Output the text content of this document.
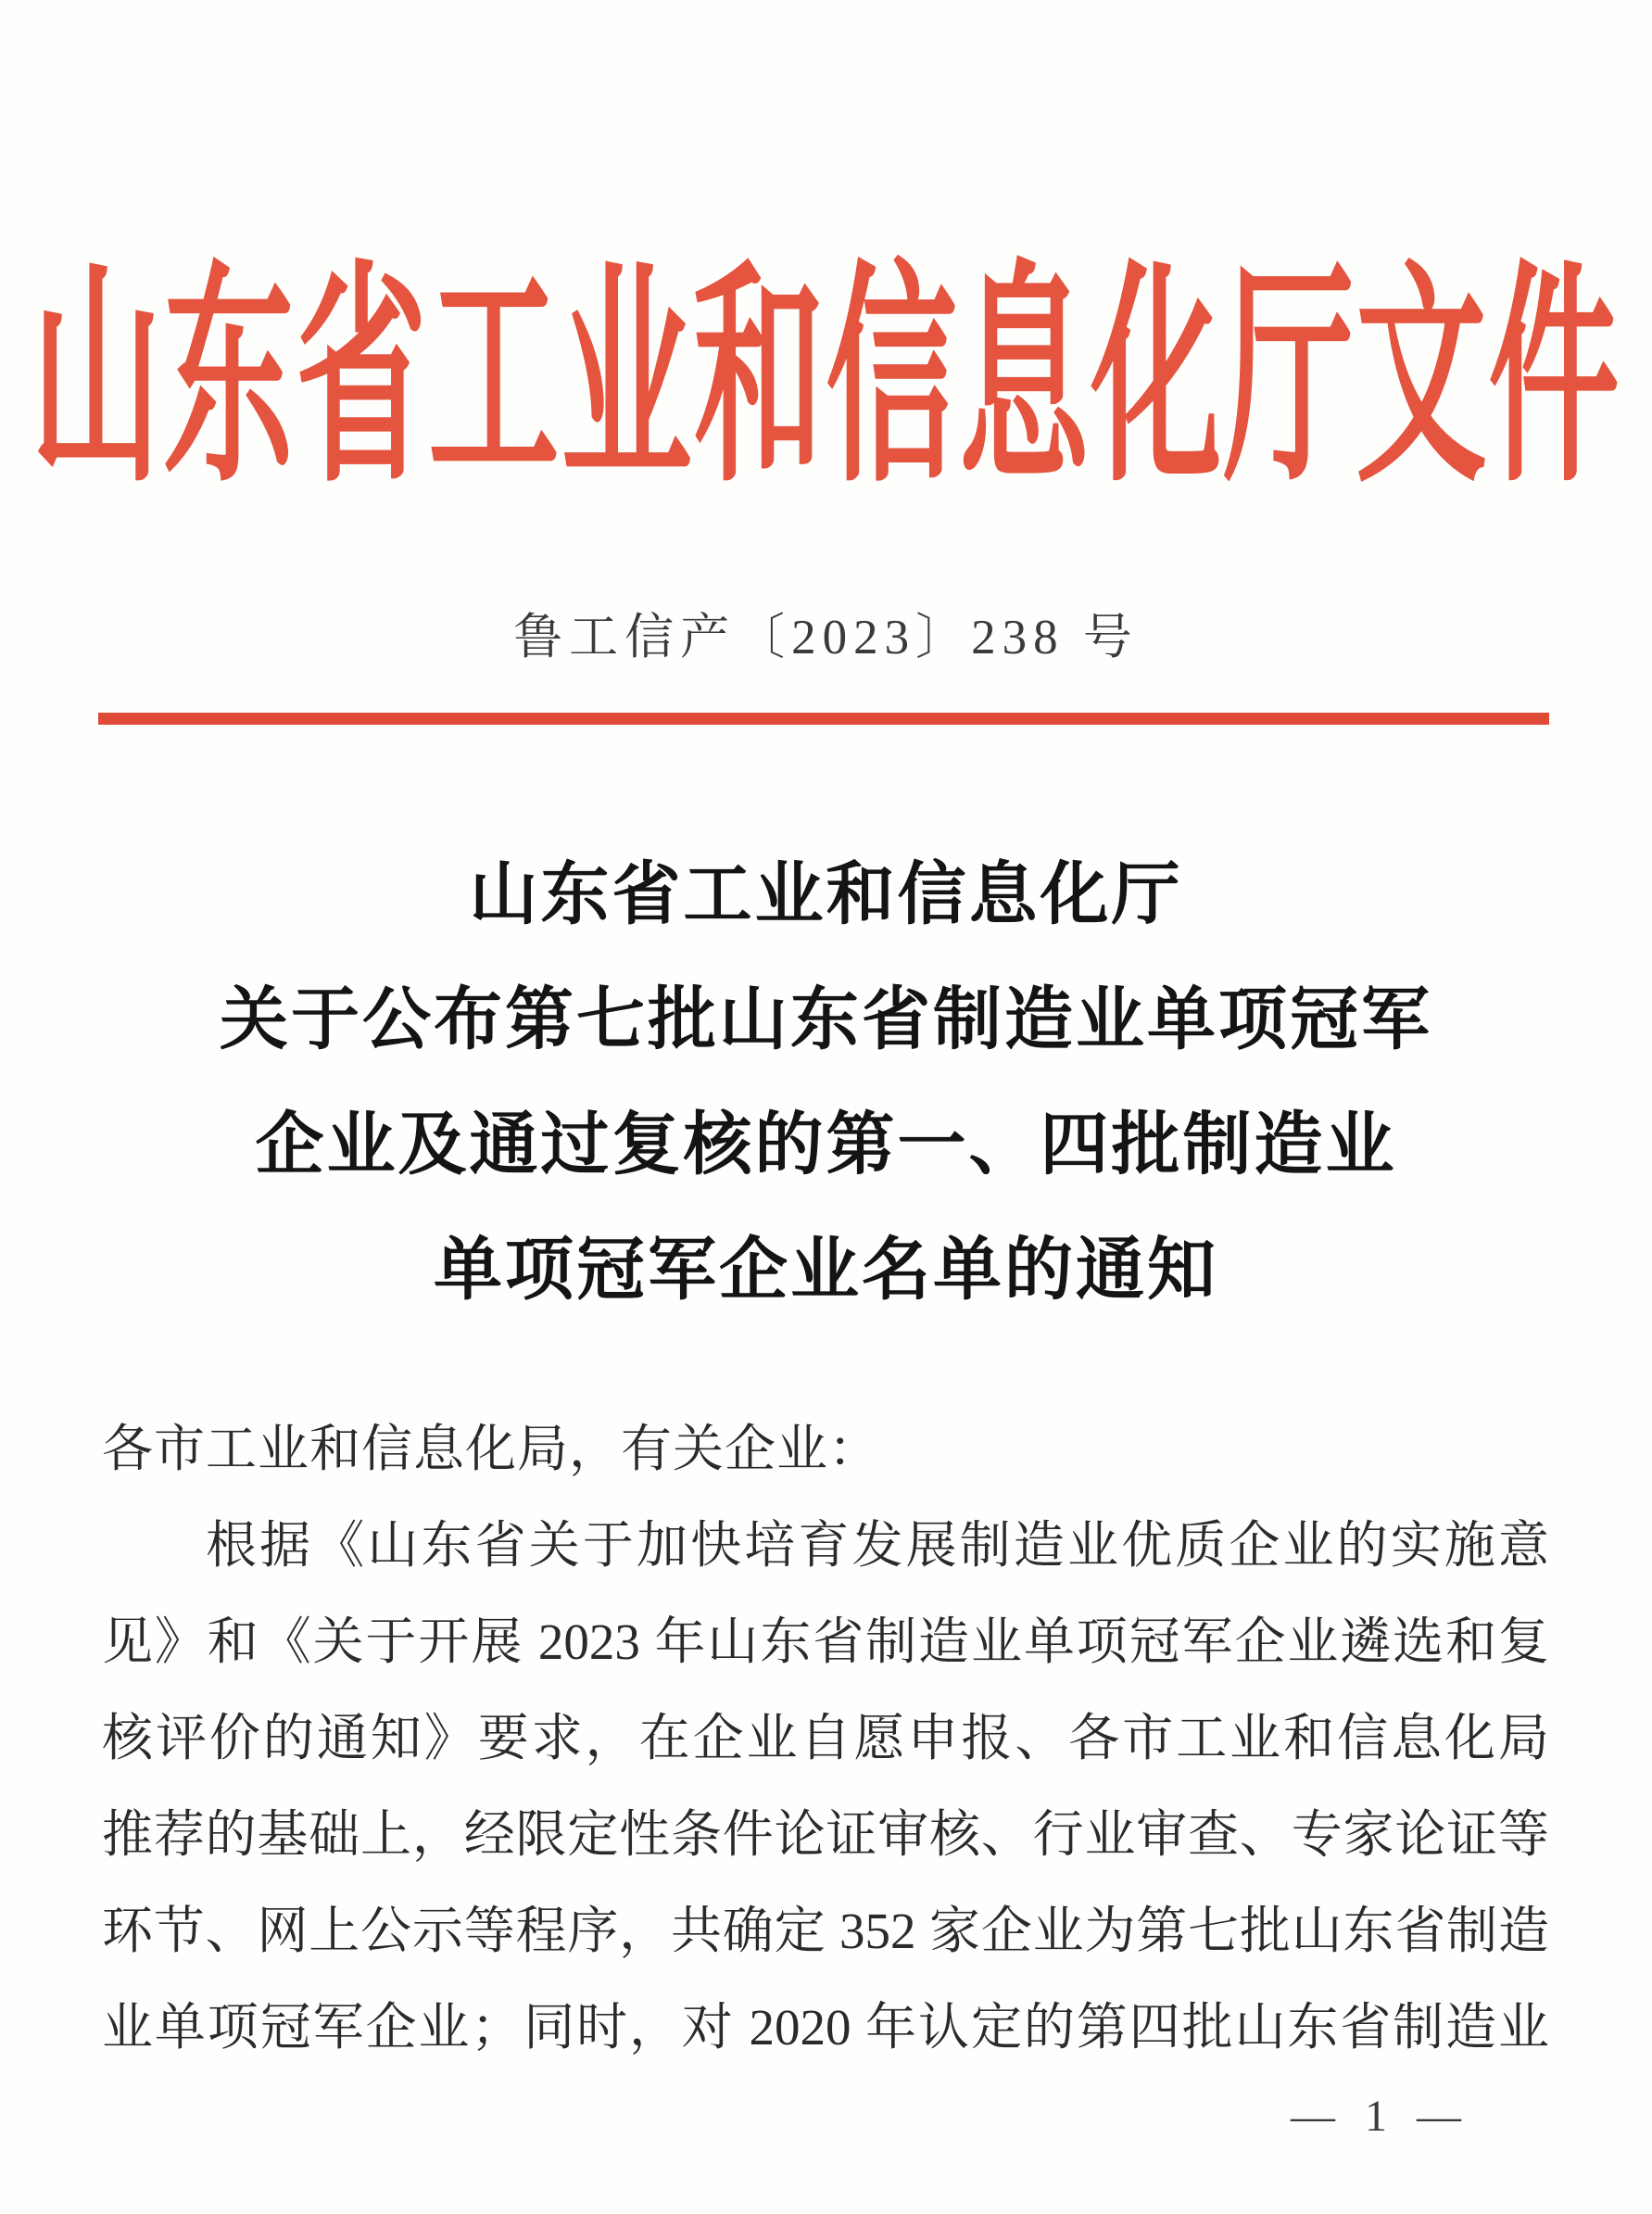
山东省工业和信息化厅文件
鲁工信产〔2023〕238 号
山东省工业和信息化厅
关于公布第七批山东省制造业单项冠军
企业及通过复核的第一、四批制造业
单项冠军企业名单的通知
各市工业和信息化局，有关企业：
根据《山东省关于加快培育发展制造业优质企业的实施意
见》和《关于开展 2023 年山东省制造业单项冠军企业遴选和复
核评价的通知》要求，在企业自愿申报、各市工业和信息化局
推荐的基础上，经限定性条件论证审核、行业审查、专家论证等
环节、网上公示等程序，共确定 352 家企业为第七批山东省制造
业单项冠军企业；同时，对 2020 年认定的第四批山东省制造业
— 1 —
